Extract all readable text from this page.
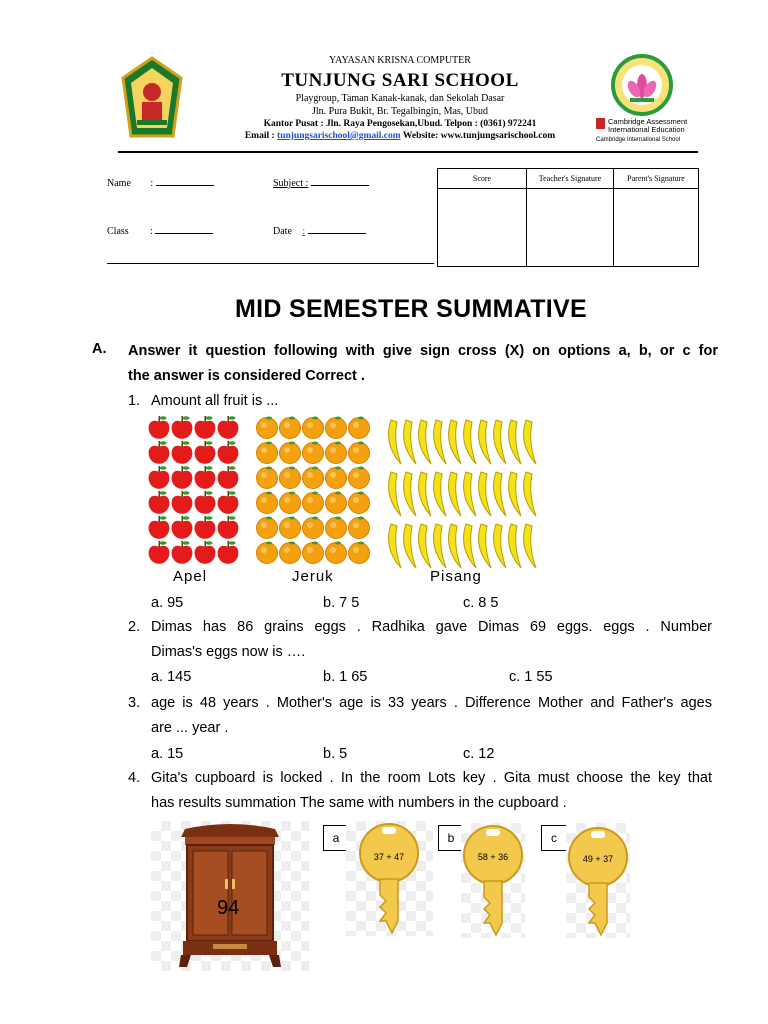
YAYASAN KRISNA COMPUTER
TUNJUNG SARI SCHOOL
Playgroup, Taman Kanak-kanak, dan Sekolah Dasar
Jln. Pura Bukit, Br. Tegalbingin, Mas, Ubud
Kantor Pusat : Jln. Raya Pengosekan,Ubud. Telpon : (0361) 972241
Email : tunjungsarischool@gmail.com Website: www.tunjungsarischool.com
Cambridge Assessment
International Education
Cambridge International School
Name :	Subject :
Class :	Date :
Score	Teacher's Signature	Parent's Signature

MID SEMESTER SUMMATIVE
A. Answer it question following with give sign cross (X) on options a, b, or c for
the answer is considered Correct .
1. Amount all fruit is ...
Apel	Jeruk	Pisang
a. 95	b. 7 5	c. 8 5
2. Dimas has 86 grains eggs . Radhika gave Dimas 69 eggs. eggs . Number
Dimas's eggs now is ….
a. 145	b. 1 65	c. 1 55
3. age is 48 years . Mother's age is 33 years . Difference Mother and Father's ages
are ... year .
a. 15	b. 5	c. 12
4. Gita's cupboard is locked . In the room Lots key . Gita must choose the key that
has results summation The same with numbers in the cupboard .
94
a
37 + 47
b
58 + 36
c
49 + 37
